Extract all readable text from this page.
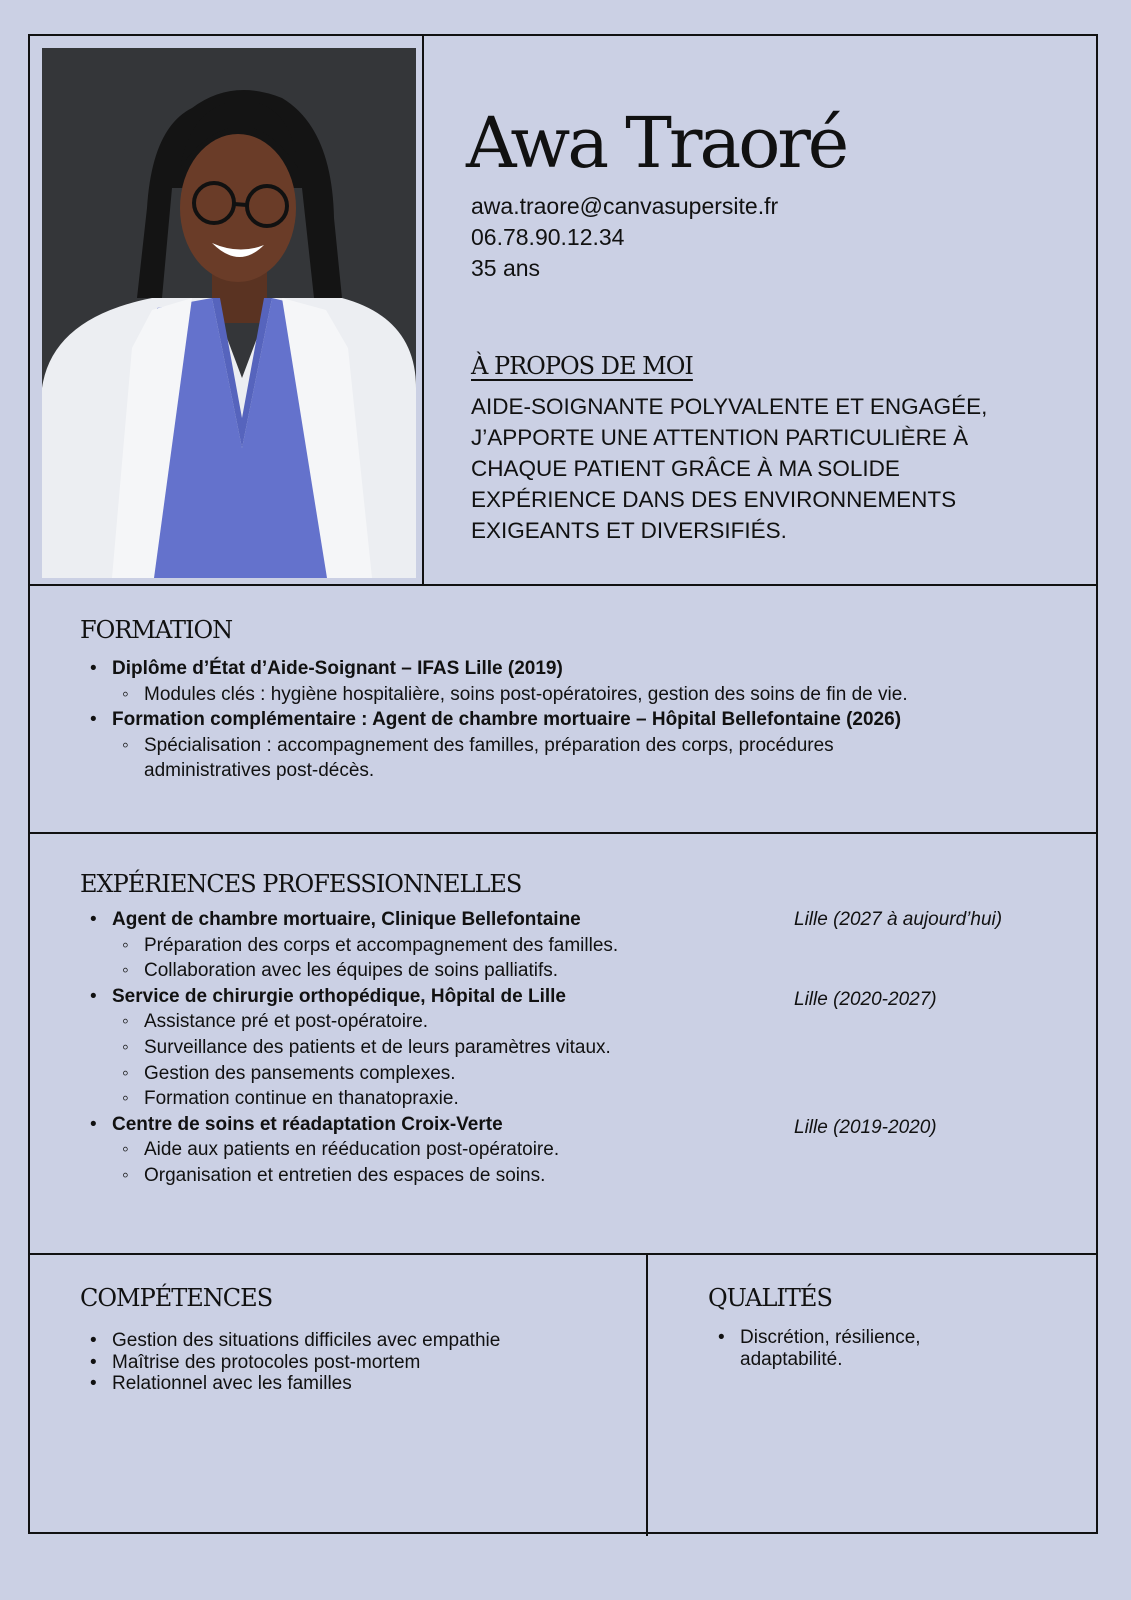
Awa Traoré

awa.traore@canvasupersite.fr

06.78.90.12.34

35 ans

À PROPOS DE MOI

AIDE-SOIGNANTE POLYVALENTE ET ENGAGÉE, J’APPORTE UNE ATTENTION PARTICULIÈRE À CHAQUE PATIENT GRÂCE À MA SOLIDE EXPÉRIENCE DANS DES ENVIRONNEMENTS EXIGEANTS ET DIVERSIFIÉS.

FORMATION
• Diplôme d’État d’Aide-Soignant – IFAS Lille (2019)
◦ Modules clés : hygiène hospitalière, soins post-opératoires, gestion des soins de fin de vie.
• Formation complémentaire : Agent de chambre mortuaire – Hôpital Bellefontaine (2026)
◦ Spécialisation : accompagnement des familles, préparation des corps, procédures administratives post-décès.
EXPÉRIENCES PROFESSIONNELLES
• Agent de chambre mortuaire, Clinique Bellefontaine	Lille (2027 à aujourd’hui)
◦ Préparation des corps et accompagnement des familles.
◦ Collaboration avec les équipes de soins palliatifs.
• Service de chirurgie orthopédique, Hôpital de Lille	Lille (2020-2027)
◦ Assistance pré et post-opératoire.
◦ Surveillance des patients et de leurs paramètres vitaux.
◦ Gestion des pansements complexes.
◦ Formation continue en thanatopraxie.
• Centre de soins et réadaptation Croix-Verte	Lille (2019-2020)
◦ Aide aux patients en rééducation post-opératoire.
◦ Organisation et entretien des espaces de soins.
COMPÉTENCES
• Gestion des situations difficiles avec empathie
• Maîtrise des protocoles post-mortem
• Relationnel avec les familles
QUALITÉS
• Discrétion, résilience, adaptabilité.
